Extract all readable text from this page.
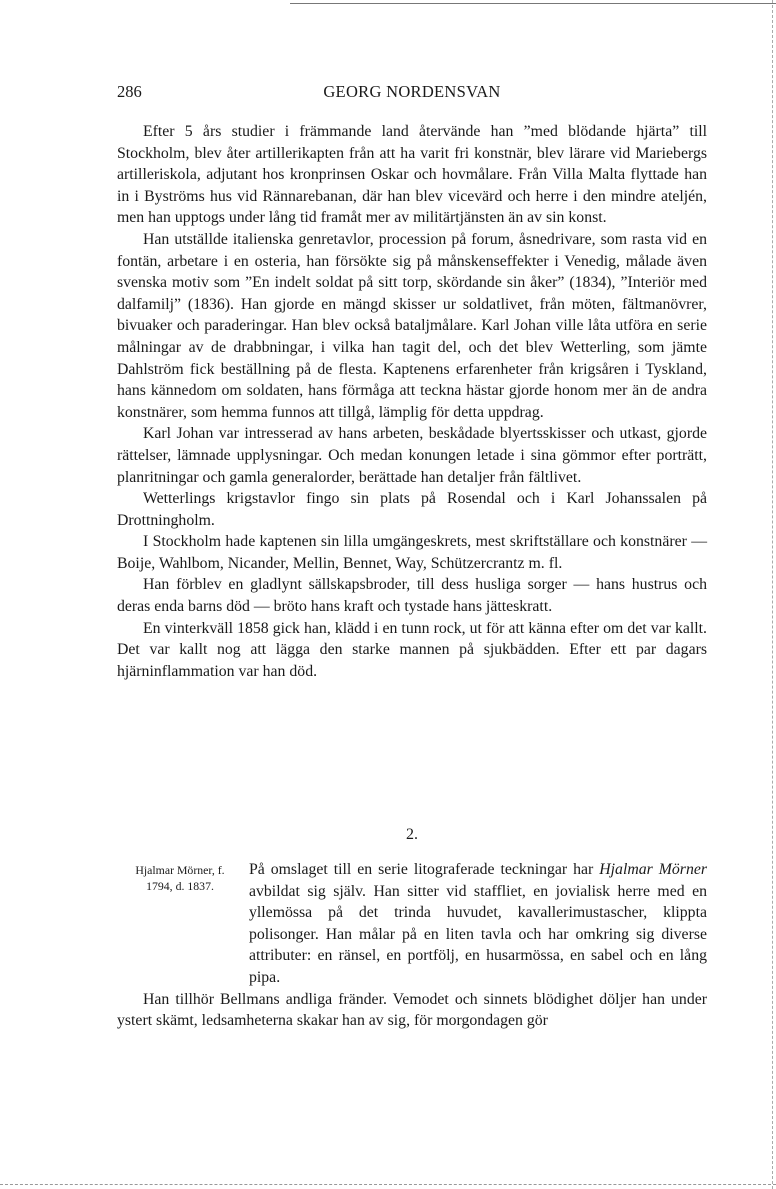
286	GEORG NORDENSVAN

Efter 5 års studier i främmande land återvände han ”med blödande hjärta” till Stockholm, blev åter artillerikapten från att ha varit fri konstnär, blev lärare vid Mariebergs artilleriskola, adjutant hos kronprinsen Oskar och hovmålare. Från Villa Malta flyttade han in i Byströms hus vid Rännarebanan, där han blev vicevärd och herre i den mindre ateljén, men han upptogs under lång tid framåt mer av militärtjänsten än av sin konst.

Han utställde italienska genretavlor, procession på forum, åsnedrivare, som rasta vid en fontän, arbetare i en osteria, han försökte sig på månskenseffekter i Venedig, målade även svenska motiv som ”En indelt soldat på sitt torp, skördande sin åker” (1834), ”Interiör med dalfamilj” (1836). Han gjorde en mängd skisser ur soldatlivet, från möten, fältmanövrer, bivuaker och paraderingar. Han blev också bataljmålare. Karl Johan ville låta utföra en serie målningar av de drabbningar, i vilka han tagit del, och det blev Wetterling, som jämte Dahlström fick beställning på de flesta. Kaptenens erfarenheter från krigsåren i Tyskland, hans kännedom om soldaten, hans förmåga att teckna hästar gjorde honom mer än de andra konstnärer, som hemma funnos att tillgå, lämplig för detta uppdrag.

Karl Johan var intresserad av hans arbeten, beskådade blyertsskisser och utkast, gjorde rättelser, lämnade upplysningar. Och medan konungen letade i sina gömmor efter porträtt, planritningar och gamla generalorder, berättade han detaljer från fältlivet.

Wetterlings krigstavlor fingo sin plats på Rosendal och i Karl Johanssalen på Drottningholm.

I Stockholm hade kaptenen sin lilla umgängeskrets, mest skriftställare och konstnärer — Boije, Wahlbom, Nicander, Mellin, Bennet, Way, Schützercrantz m. fl.

Han förblev en gladlynt sällskapsbroder, till dess husliga sorger — hans hustrus och deras enda barns död — bröto hans kraft och tystade hans jätteskratt.

En vinterkväll 1858 gick han, klädd i en tunn rock, ut för att känna efter om det var kallt. Det var kallt nog att lägga den starke mannen på sjukbädden. Efter ett par dagars hjärninflammation var han död.

2.
Hjalmar Mörner, f.
1794, d. 1837.

På omslaget till en serie litograferade teckningar har Hjalmar Mörner avbildat sig själv. Han sitter vid staffliet, en jovialisk herre med en yllemössa på det trinda huvudet, kavallerimustascher, klippta polisonger. Han målar på en liten tavla och har omkring sig diverse attributer: en ränsel, en portfölj, en husarmössa, en sabel och en lång pipa.

Han tillhör Bellmans andliga fränder. Vemodet och sinnets blödighet döljer han under ystert skämt, ledsamheterna skakar han av sig, för morgondagen gör
